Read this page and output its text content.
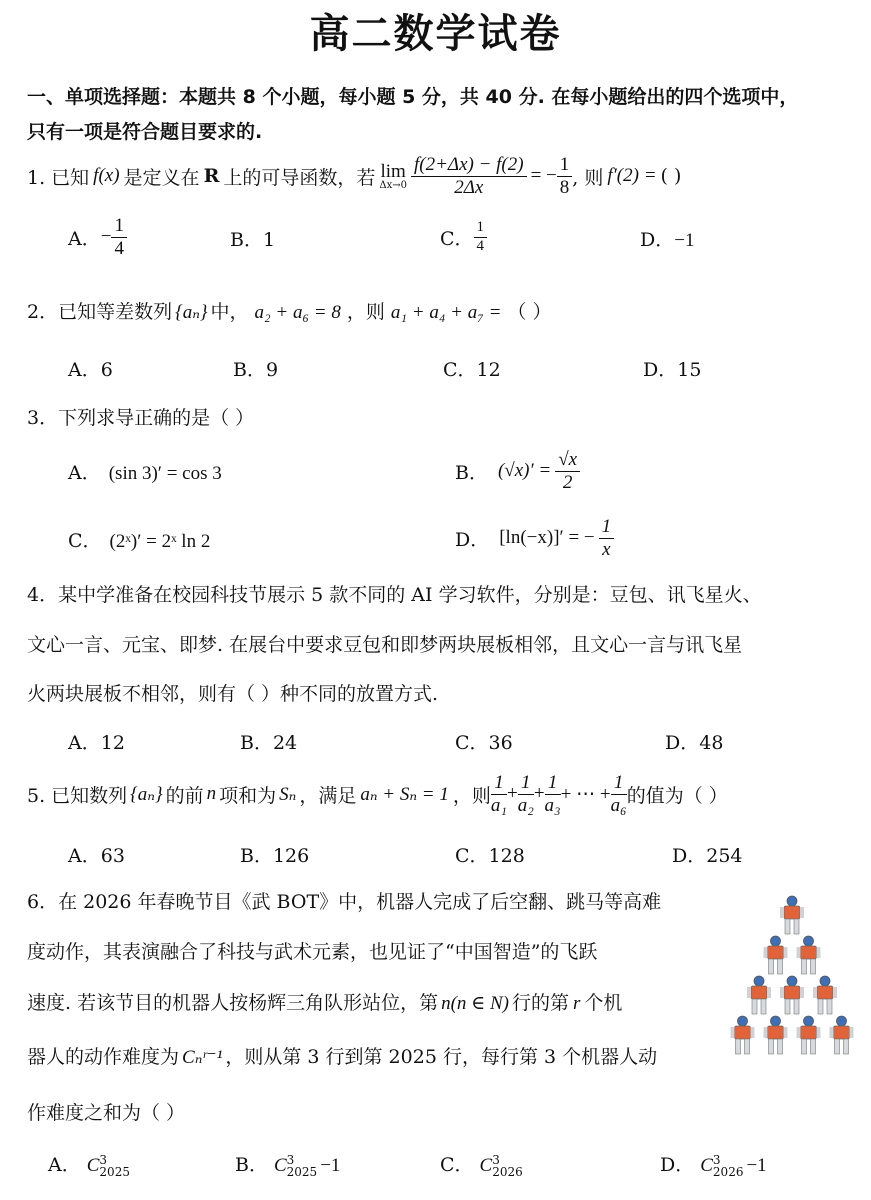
高二数学试卷
一、单项选择题：本题共 8 个小题，每小题 5 分，共 40 分. 在每小题给出的四个选项中，
只有一项是符合题目要求的.
1. 已知 f(x) 是定义在 R 上的可导函数，若 lim
$\Delta x\to 0 \frac{f(2+\Delta x) - f(2)}{2\Delta x}$ = − $\frac{1}{8}$ , 则 f′(2) = ( )
A． − $\frac{1}{4}$	B．1	C． $\frac{1}{4}$	D．−1
2．已知等差数列 {aₙ} 中， a₂ + a₆ = 8 ，则 a₁ + a₄ + a₇ = （ ）
A．6	B．9	C．12	D．15
3．下列求导正确的是（ ）
A． (sin 3)′ = cos 3	B． $(√x)' = \frac{√x}{2}$
C． (2ˣ)′ = 2ˣ ln 2	D． [ln(−x)]′ = − $\frac{1}{x}$
4．某中学准备在校园科技节展示 5 款不同的 AI 学习软件，分别是：豆包、讯飞星火、
文心一言、元宝、即梦. 在展台中要求豆包和即梦两块展板相邻，且文心一言与讯飞星
火两块展板不相邻，则有（ ）种不同的放置方式.
A．12	B．24	C．36	D．48
5. 已知数列 {aₙ} 的前 n 项和为 Sₙ ，满足 aₙ + Sₙ = 1 ，则 $\frac{1}{\text{a₁}} + \frac{1}{\text{a₂}} + \frac{1}{\text{a₃}}$ + ⋯ + $\frac{1}{\text{a₆}}$ 的值为（ ）
A．63	B．126	C．128	D．254
6．在 2026 年春晚节目《武 BOT》中，机器人完成了后空翻、跳马等高难
度动作，其表演融合了科技与武术元素，也见证了“中国智造”的飞跃
速度. 若该节目的机器人按杨辉三角队形站位，第 n(n ∈ N) 行的第 r 个机
器人的动作难度为 Cₙʳ⁻¹ ，则从第 3 行到第 2025 行，每行第 3 个机器人动
作难度之和为（ ）
A． C 3
2025	B． C 3
2025 −1	C． C 3
2026	D． C 3
2026 −1
